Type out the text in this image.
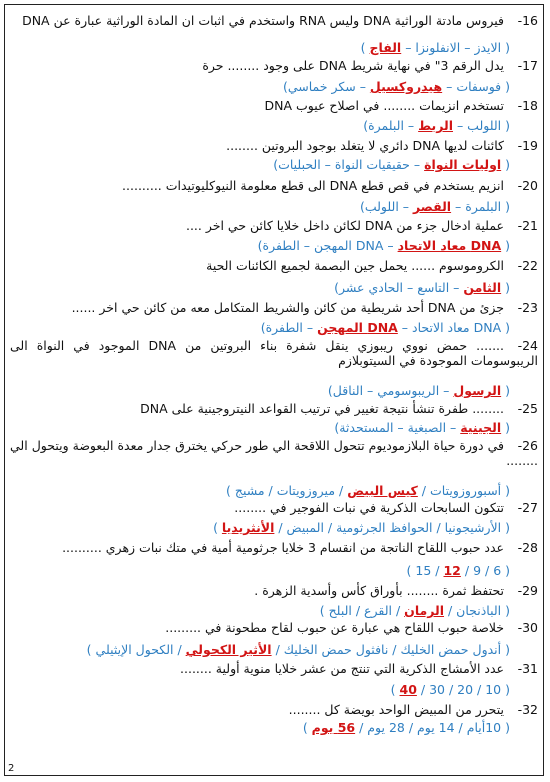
16-فيروس مادتة الوراثية DNA وليس RNA واستخدم في اثبات ان المادة الوراثية عبارة عن DNA
( الايدز – الانفلونزا – الفاج )
17-يدل الرقم 3" في نهاية شريط DNA على وجود ........ حرة
( فوسفات – هيدروكسيل – سكر خماسي)
18-تستخدم انزيمات ........ في اصلاح عيوب DNA
( اللولب – الربط – البلمرة)
19-كائنات لديها DNA دائري لا يتغلد بوجود البروتين ........
( اوليات النواة – حقيقيات النواة – الحبليات)
20-انزيم يستخدم في قص قطع DNA الى قطع معلومة النيوكليوتيدات ..........
( البلمرة – القصر – اللولب)
21-عملية ادخال جزء من DNA لكائن داخل خلايا كائن حي اخر ....
( DNA معاد الاتحاد – DNA المهجن – الطفرة)
22-الكروموسوم ...... يحمل جين البصمة لجميع الكائنات الحية
( الثامن – التاسع – الحادي عشر)
23-جزئ من DNA أحد شريطية من كائن والشريط المتكامل معه من كائن حي اخر ......
( DNA معاد الاتحاد – DNA المهجن – الطفرة)
24-....... حمض نووي ريبوزي ينقل شفرة بناء البروتين من DNA الموجود في النواة الى الريبوسومات الموجودة في السيتوبلازم
( الرسول – الريبوسومي – الناقل)
25-........ طفرة تنشأ نتيجة تغيير في ترتيب القواعد النيتروجينية على DNA
( الجينية – الصبغية – المستحدثة)
26-في دورة حياة البلازموديوم تتحول اللاقحة الي طور حركي يخترق جدار معدة البعوضة ويتحول الي ........
( أسبوروزويتات / كيس البيض / ميروزويتات / مشيج )
27-تتكون السابحات الذكرية في نبات الفوجير في ........
( الأرشيجونيا / الحوافظ الجرثومية / المبيض / الأنثريديا )
28-عدد حبوب اللقاح الناتجة من انقسام 3 خلايا جرثومية أمية في متك نبات زهري ..........
( 6 / 9 / 12 / 15 )
29-تحتفظ ثمرة ........ بأوراق كأس وأسدية الزهرة .
( الباذنجان / الرمان / القرع / البلح )
30-خلاصة حبوب اللقاح هي عبارة عن حبوب لقاح مطحونة في .........
( أندول حمض الخليك / نافثول حمض الخليك / الأثير الكحولي / الكحول الإيثيلي )
31-عدد الأمشاج الذكرية التي تنتج من عشر خلايا منوية أولية ........
( 10 / 20 / 30 / 40 )
32-يتحرر من المبيض الواحد بويضة كل ........
( 10أيام / 14 يوم / 28 يوم / 56 يوم )
2
